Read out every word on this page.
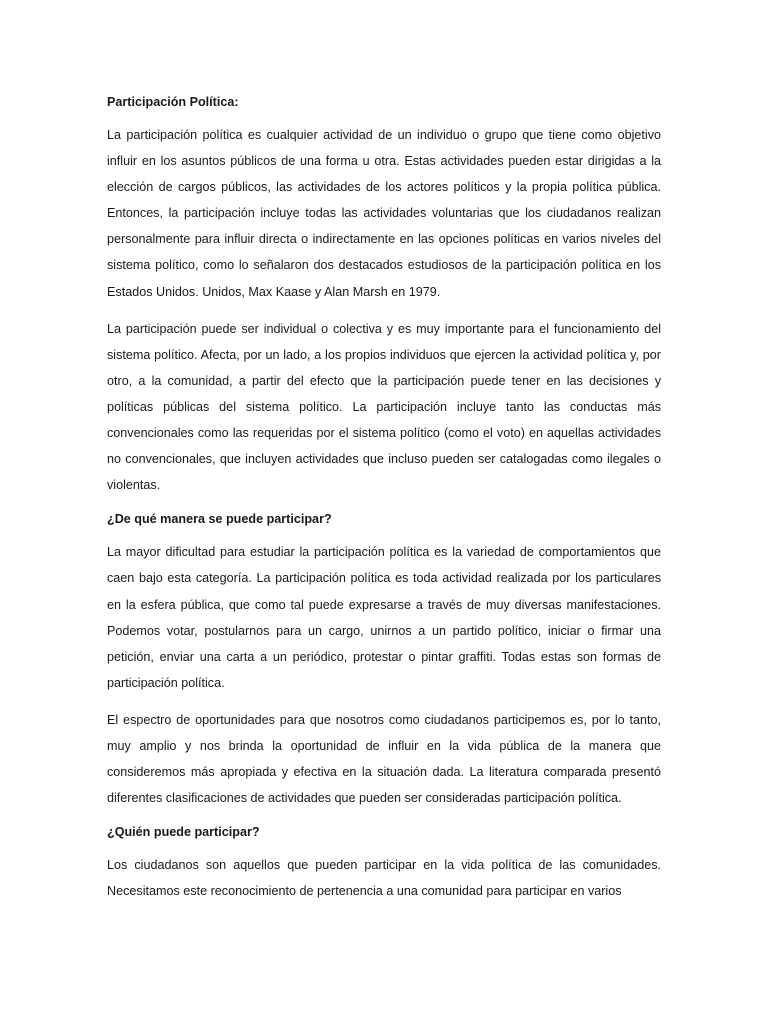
Participación Política:

La participación política es cualquier actividad de un individuo o grupo que tiene como objetivo influir en los asuntos públicos de una forma u otra. Estas actividades pueden estar dirigidas a la elección de cargos públicos, las actividades de los actores políticos y la propia política pública. Entonces, la participación incluye todas las actividades voluntarias que los ciudadanos realizan personalmente para influir directa o indirectamente en las opciones políticas en varios niveles del sistema político, como lo señalaron dos destacados estudiosos de la participación política en los Estados Unidos. Unidos, Max Kaase y Alan Marsh en 1979.

La participación puede ser individual o colectiva y es muy importante para el funcionamiento del sistema político. Afecta, por un lado, a los propios individuos que ejercen la actividad política y, por otro, a la comunidad, a partir del efecto que la participación puede tener en las decisiones y políticas públicas del sistema político. La participación incluye tanto las conductas más convencionales como las requeridas por el sistema político (como el voto) en aquellas actividades no convencionales, que incluyen actividades que incluso pueden ser catalogadas como ilegales o violentas.

¿De qué manera se puede participar?

La mayor dificultad para estudiar la participación política es la variedad de comportamientos que caen bajo esta categoría. La participación política es toda actividad realizada por los particulares en la esfera pública, que como tal puede expresarse a través de muy diversas manifestaciones. Podemos votar, postularnos para un cargo, unirnos a un partido político, iniciar o firmar una petición, enviar una carta a un periódico, protestar o pintar graffiti. Todas estas son formas de participación política.

El espectro de oportunidades para que nosotros como ciudadanos participemos es, por lo tanto, muy amplio y nos brinda la oportunidad de influir en la vida pública de la manera que consideremos más apropiada y efectiva en la situación dada. La literatura comparada presentó diferentes clasificaciones de actividades que pueden ser consideradas participación política.

¿Quién puede participar?

Los ciudadanos son aquellos que pueden participar en la vida política de las comunidades. Necesitamos este reconocimiento de pertenencia a una comunidad para participar en varios
